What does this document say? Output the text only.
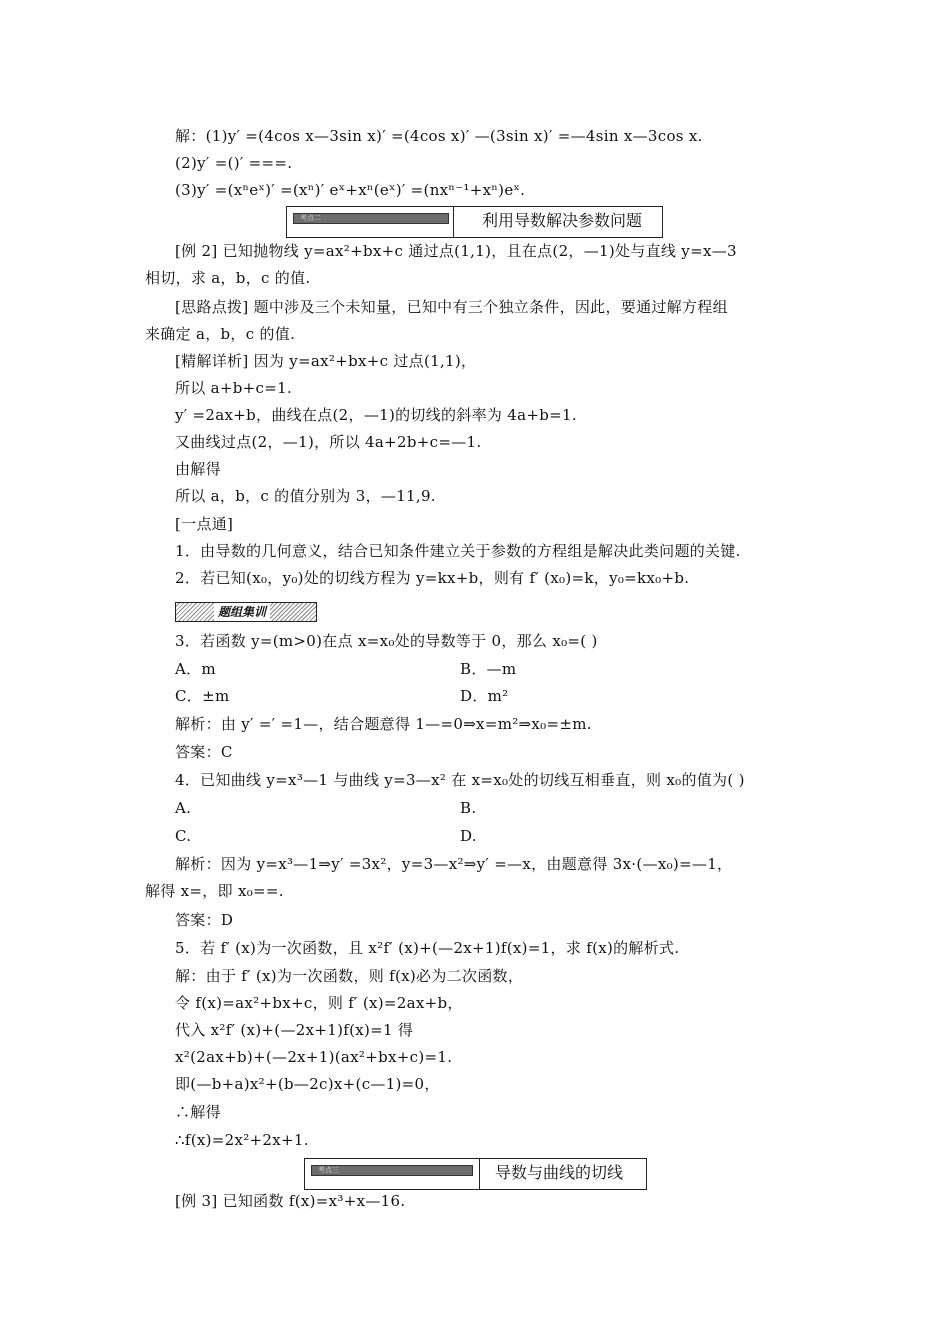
考点二	利用导数解决参数问题
题组集训
考点三	导数与曲线的切线
解：(1)y′ =(4cos x—3sin x)′ =(4cos x)′ —(3sin x)′ =—4sin x—3cos x.
(2)y′ =()′ ===.
(3)y′ =(xⁿeˣ)′ =(xⁿ)′ eˣ+xⁿ(eˣ)′ =(nxⁿ⁻¹+xⁿ)eˣ.
[例 2] 已知抛物线 y=ax²+bx+c 通过点(1,1)，且在点(2，—1)处与直线 y=x—3
相切，求 a，b，c 的值.
[思路点拨] 题中涉及三个未知量，已知中有三个独立条件，因此，要通过解方程组
来确定 a，b，c 的值.
[精解详析] 因为 y=ax²+bx+c 过点(1,1)，
所以 a+b+c=1.
y′ =2ax+b，曲线在点(2，—1)的切线的斜率为 4a+b=1.
又曲线过点(2，—1)，所以 4a+2b+c=—1.
由解得
所以 a，b，c 的值分别为 3，—11,9.
[一点通]
1．由导数的几何意义，结合已知条件建立关于参数的方程组是解决此类问题的关键.
2．若已知(x₀，y₀)处的切线方程为 y=kx+b，则有 f′ (x₀)=k，y₀=kx₀+b.
3．若函数 y=(m>0)在点 x=x₀处的导数等于 0，那么 x₀=( )
A．m
C．±m
解析：由 y′ =′ =1—，结合题意得 1—=0⇒x=m²⇒x₀=±m.
答案：C
4．已知曲线 y=x³—1 与曲线 y=3—x² 在 x=x₀处的切线互相垂直，则 x₀的值为( )
A.
C.
解析：因为 y=x³—1⇒y′ =3x²，y=3—x²⇒y′ =—x，由题意得 3x·(—x₀)=—1，
解得 x=，即 x₀==.
答案：D
5．若 f′ (x)为一次函数，且 x²f′ (x)+(—2x+1)f(x)=1，求 f(x)的解析式.
解：由于 f′ (x)为一次函数，则 f(x)必为二次函数，
令 f(x)=ax²+bx+c，则 f′ (x)=2ax+b，
代入 x²f′ (x)+(—2x+1)f(x)=1 得
x²(2ax+b)+(—2x+1)(ax²+bx+c)=1.
即(—b+a)x²+(b—2c)x+(c—1)=0，
∴解得
∴f(x)=2x²+2x+1.
[例 3] 已知函数 f(x)=x³+x—16.
B．—m
D．m²
B.
D.
